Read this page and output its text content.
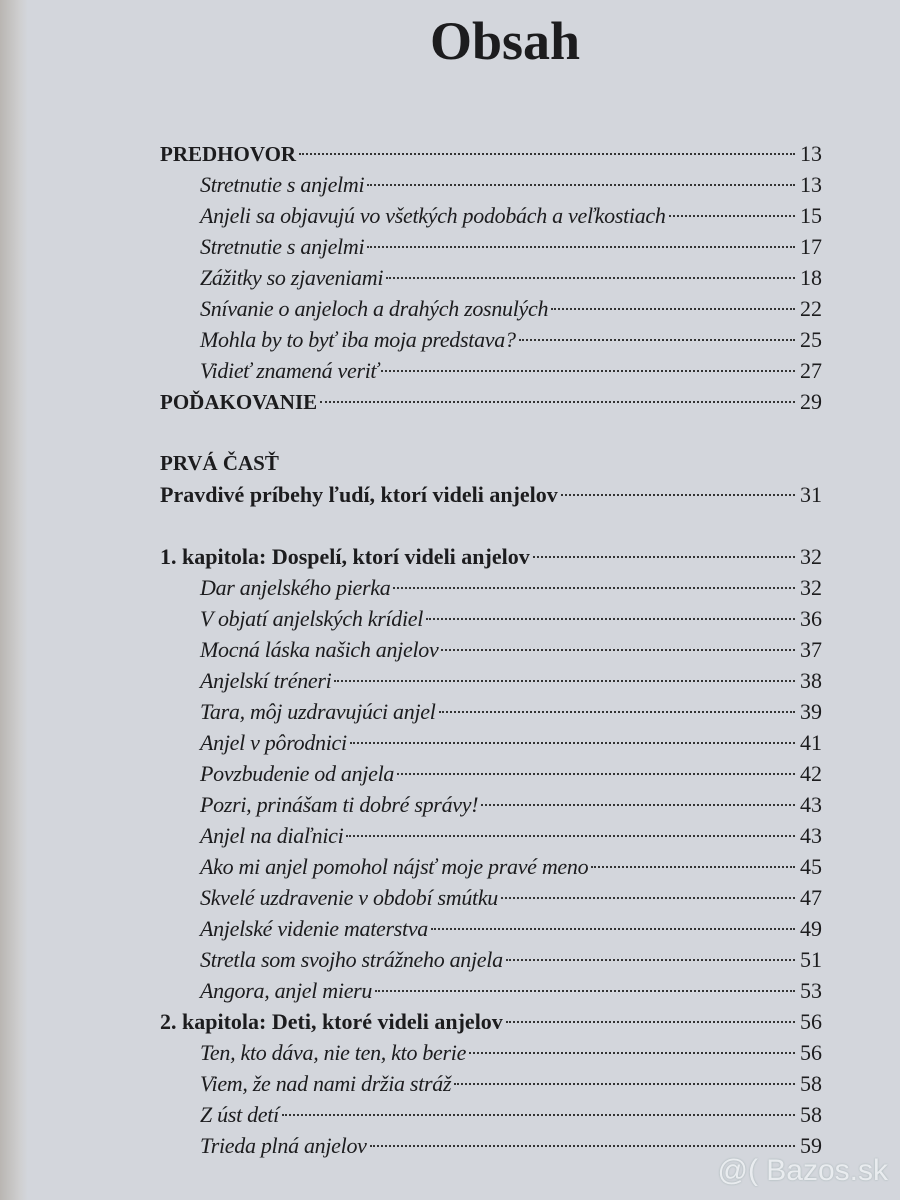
Obsah
PREDHOVOR	13
Stretnutie s anjelmi	13
Anjeli sa objavujú vo všetkých podobách a veľkostiach	15
Stretnutie s anjelmi	17
Zážitky so zjaveniami	18
Snívanie o anjeloch a drahých zosnulých	22
Mohla by to byť iba moja predstava?	25
Vidieť znamená veriť	27
POĎAKOVANIE	29
PRVÁ ČASŤ
Pravdivé príbehy ľudí, ktorí videli anjelov	31
1. kapitola: Dospelí, ktorí videli anjelov	32
Dar anjelského pierka	32
V objatí anjelských krídiel	36
Mocná láska našich anjelov	37
Anjelskí tréneri	38
Tara, môj uzdravujúci anjel	39
Anjel v pôrodnici	41
Povzbudenie od anjela	42
Pozri, prinášam ti dobré správy!	43
Anjel na diaľnici	43
Ako mi anjel pomohol nájsť moje pravé meno	45
Skvelé uzdravenie v období smútku	47
Anjelské videnie materstva	49
Stretla som svojho strážneho anjela	51
Angora, anjel mieru	53
2. kapitola: Deti, ktoré videli anjelov	56
Ten, kto dáva, nie ten, kto berie	56
Viem, že nad nami držia stráž	58
Z úst detí	58
Trieda plná anjelov	59
@( Bazos.sk
